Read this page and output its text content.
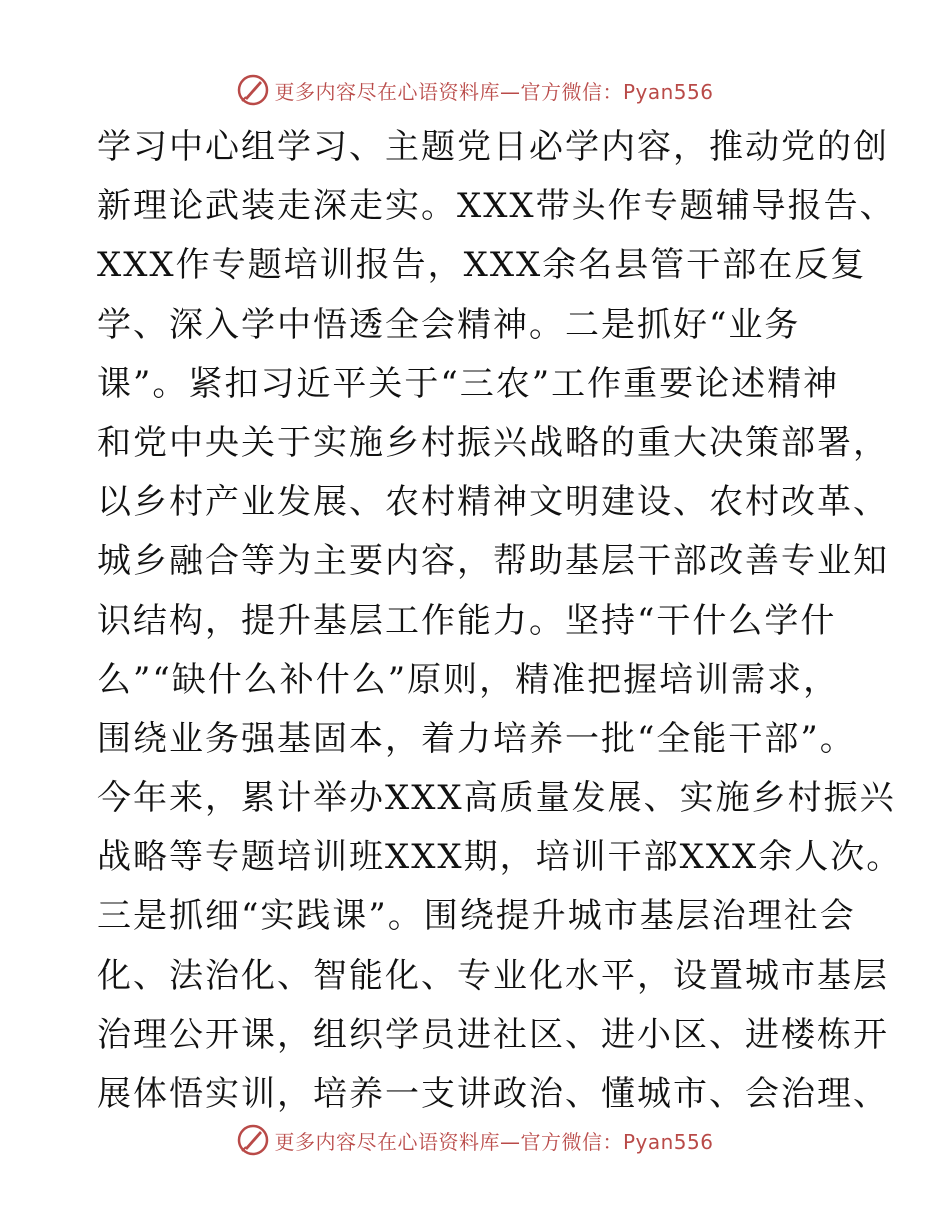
更多内容尽在心语资料库—官方微信：Pyan556
学习中心组学习、主题党日必学内容，推动党的创
新理论武装走深走实。XXX带头作专题辅导报告、
XXX作专题培训报告，XXX余名县管干部在反复
学、深入学中悟透全会精神。二是抓好“业务
课”。紧扣习近平关于“三农”工作重要论述精神
和党中央关于实施乡村振兴战略的重大决策部署，
以乡村产业发展、农村精神文明建设、农村改革、
城乡融合等为主要内容，帮助基层干部改善专业知
识结构，提升基层工作能力。坚持“干什么学什
么”“缺什么补什么”原则，精准把握培训需求，
围绕业务强基固本，着力培养一批“全能干部”。
今年来，累计举办XXX高质量发展、实施乡村振兴
战略等专题培训班XXX期，培训干部XXX余人次。
三是抓细“实践课”。围绕提升城市基层治理社会
化、法治化、智能化、专业化水平，设置城市基层
治理公开课，组织学员进社区、进小区、进楼栋开
展体悟实训，培养一支讲政治、懂城市、会治理、
更多内容尽在心语资料库—官方微信：Pyan556
